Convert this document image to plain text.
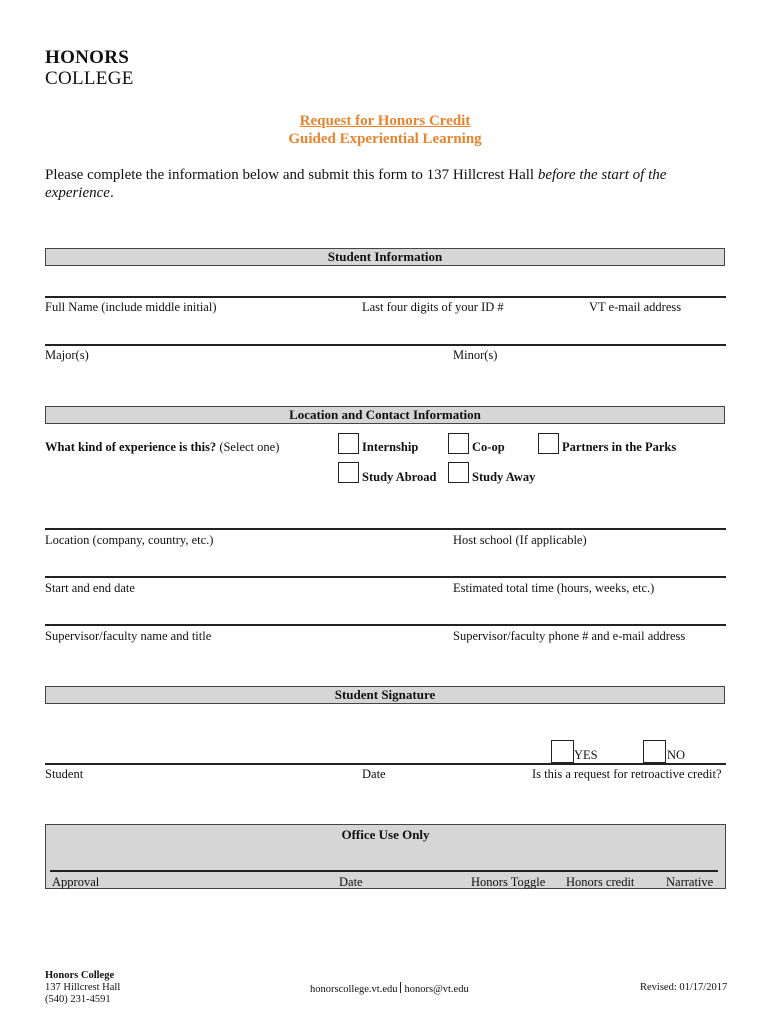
HONORS
COLLEGE
Request for Honors Credit
Guided Experiential Learning
Please complete the information below and submit this form to 137 Hillcrest Hall before the start of the experience.
Student Information
Full Name (include middle initial)	Last four digits of your ID #	VT e-mail address
Major(s)	Minor(s)
Location and Contact Information
What kind of experience is this? (Select one)	Internship	Co-op	Partners in the Parks
Study Abroad	Study Away
Location (company, country, etc.)	Host school (If applicable)
Start and end date	Estimated total time (hours, weeks, etc.)
Supervisor/faculty name and title	Supervisor/faculty phone # and e-mail address
Student Signature
YES	NO
Student	Date	Is this a request for retroactive credit?
Office Use Only
Approval	Date	Honors Toggle Honors credit	Narrative
Honors College
137 Hillcrest Hall
(540) 231-4591
honorscollege.vt.edu honors@vt.edu	Revised: 01/17/2017
